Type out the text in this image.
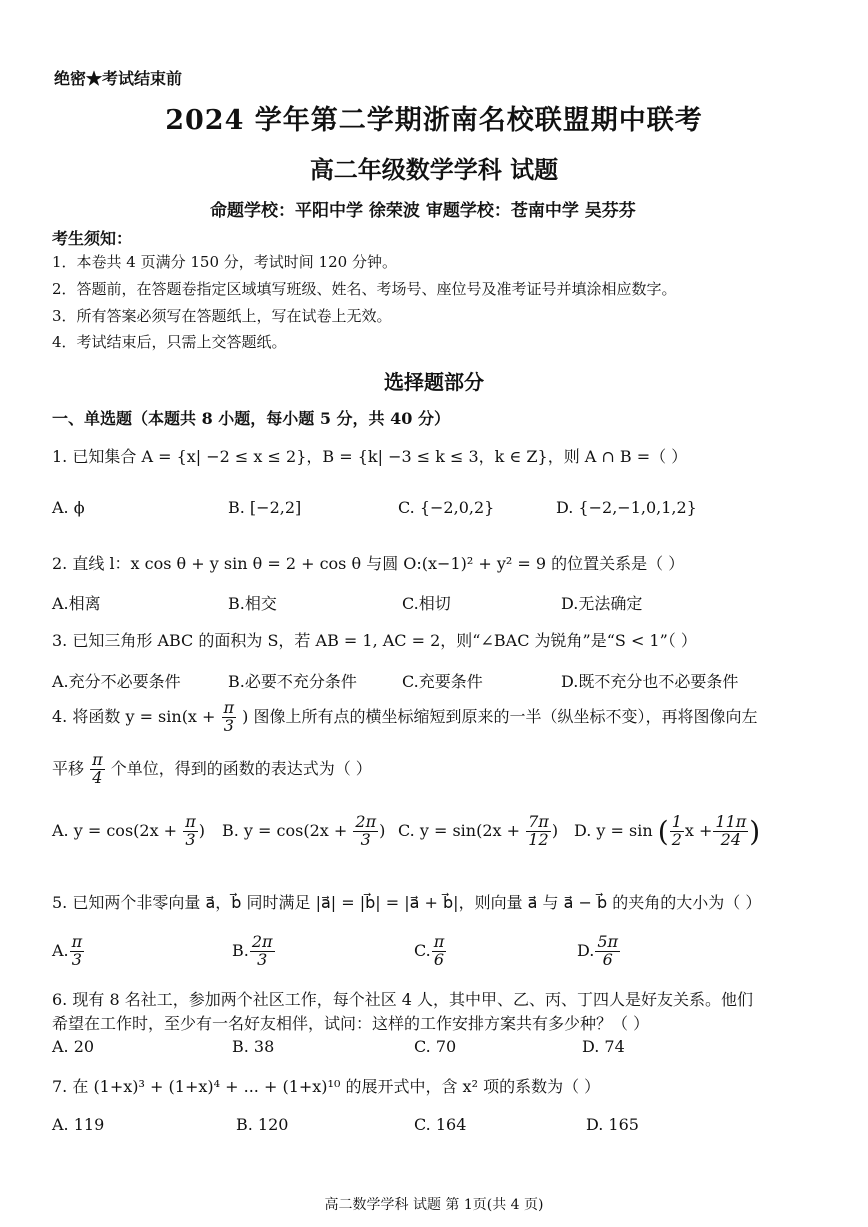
绝密★考试结束前
2024 学年第二学期浙南名校联盟期中联考
高二年级数学学科 试题
命题学校：平阳中学 徐荣波 审题学校：苍南中学 吴芬芬
考生须知：
1．本卷共 4 页满分 150 分，考试时间 120 分钟。
2．答题前，在答题卷指定区域填写班级、姓名、考场号、座位号及准考证号并填涂相应数字。
3．所有答案必须写在答题纸上，写在试卷上无效。
4．考试结束后，只需上交答题纸。
选择题部分
一、单选题（本题共 8 小题，每小题 5 分，共 40 分）
1. 已知集合 A = {x| −2 ≤ x ≤ 2}，B = {k| −3 ≤ k ≤ 3，k ∈ Z}，则 A ∩ B =（ ）
A. ϕ	B. [−2,2]	C. {−2,0,2}	D. {−2,−1,0,1,2}
2. 直线 l：x cos θ + y sin θ = 2 + cos θ 与圆 O:(x−1)² + y² = 9 的位置关系是（ ）
A.相离	B.相交	C.相切	D.无法确定
3. 已知三角形 ABC 的面积为 S，若 AB = 1, AC = 2，则“∠BAC 为锐角”是“S < 1”（ ）
A.充分不必要条件	B.必要不充分条件	C.充要条件	D.既不充分也不必要条件
4. 将函数 $y = \sin(x + \frac{\pi}{3}$ ) 图像上所有点的横坐标缩短到原来的一半（纵坐标不变），再将图像向左
平移 $\frac{\pi}{4}$ 个单位，得到的函数的表达式为（ ）
A. $y = \cos(2x + \frac{\pi}{3}$ ) B. $y = \cos(2x + \frac{2\pi}{3}$ ) C. $y = \sin(2x + \frac{7\pi}{12}$ ) D. y = sin ( $\frac{1}{2}$ $x + \frac{11\pi}{24}$ )
5. 已知两个非零向量 a⃗，b⃗ 同时满足 |a⃗| = |b⃗| = |a⃗ + b⃗|，则向量 a⃗ 与 a⃗ − b⃗ 的夹角的大小为（ ）
A. $\frac{\pi}{3}$	B. $\frac{2\pi}{3}$	C. $\frac{\pi}{6}$	D. $\frac{5\pi}{6}$
6. 现有 8 名社工，参加两个社区工作，每个社区 4 人，其中甲、乙、丙、丁四人是好友关系。他们
希望在工作时，至少有一名好友相伴，试问：这样的工作安排方案共有多少种？（ ）
A. 20	B. 38	C. 70	D. 74
7. 在 (1+x)³ + (1+x)⁴ + ... + (1+x)¹⁰ 的展开式中，含 x² 项的系数为（ ）
A. 119	B. 120	C. 164	D. 165
高二数学学科 试题 第 1页(共 4 页)
